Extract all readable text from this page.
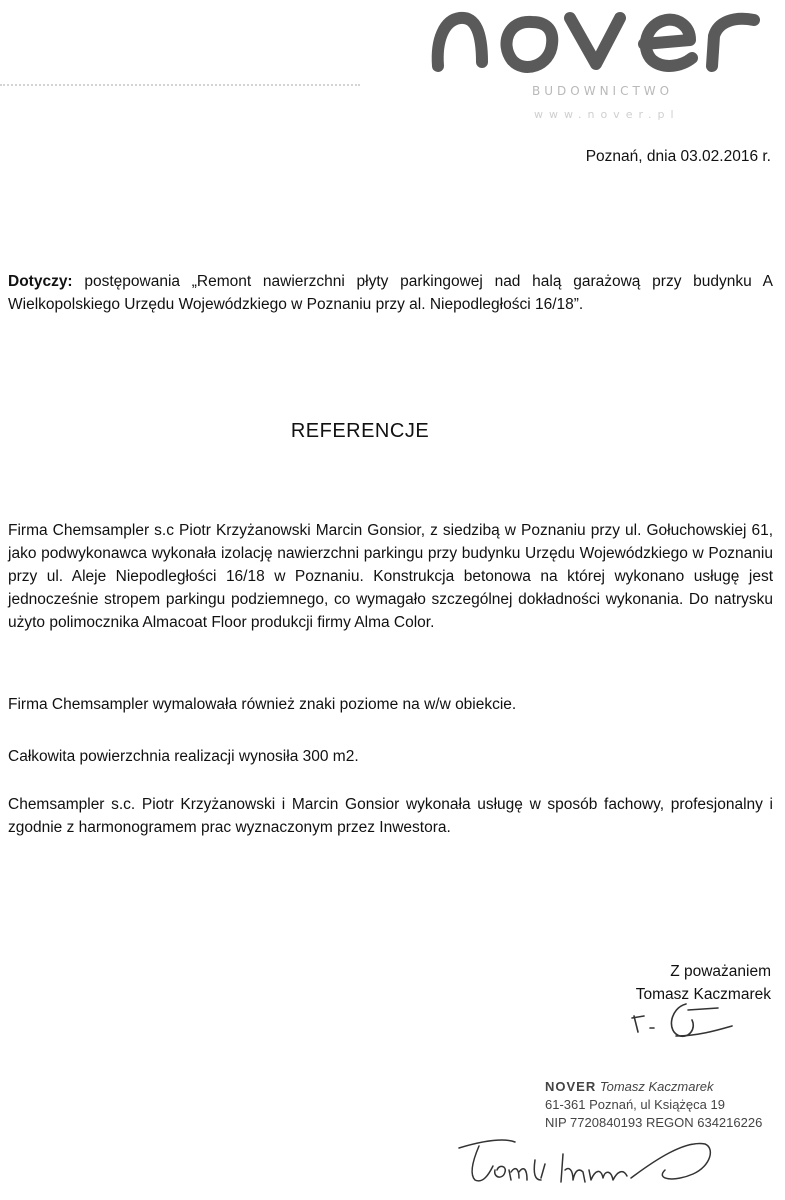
BUDOWNICTWO
www.nover.pl
Poznań, dnia 03.02.2016 r.
Dotyczy: postępowania „Remont nawierzchni płyty parkingowej nad halą garażową przy budynku A Wielkopolskiego Urzędu Wojewódzkiego w Poznaniu przy al. Niepodległości 16/18”.
REFERENCJE

Firma Chemsampler s.c Piotr Krzyżanowski Marcin Gonsior, z siedzibą w Poznaniu przy ul. Gołuchowskiej 61, jako podwykonawca wykonała izolację nawierzchni parkingu przy budynku Urzędu Wojewódzkiego w Poznaniu przy ul. Aleje Niepodległości 16/18 w Poznaniu. Konstrukcja betonowa na której wykonano usługę jest jednocześnie stropem parkingu podziemnego, co wymagało szczególnej dokładności wykonania. Do natrysku użyto polimocznika Almacoat Floor produkcji firmy Alma Color.

Firma Chemsampler wymalowała również znaki poziome na w/w obiekcie.

Całkowita powierzchnia realizacji wynosiła 300 m2.

Chemsampler s.c. Piotr Krzyżanowski i Marcin Gonsior wykonała usługę w sposób fachowy, profesjonalny i zgodnie z harmonogramem prac wyznaczonym przez Inwestora.

Z poważaniem
Tomasz Kaczmarek
NOVER Tomasz Kaczmarek
61-361 Poznań, ul Książęca 19
NIP 7720840193 REGON 634216226
